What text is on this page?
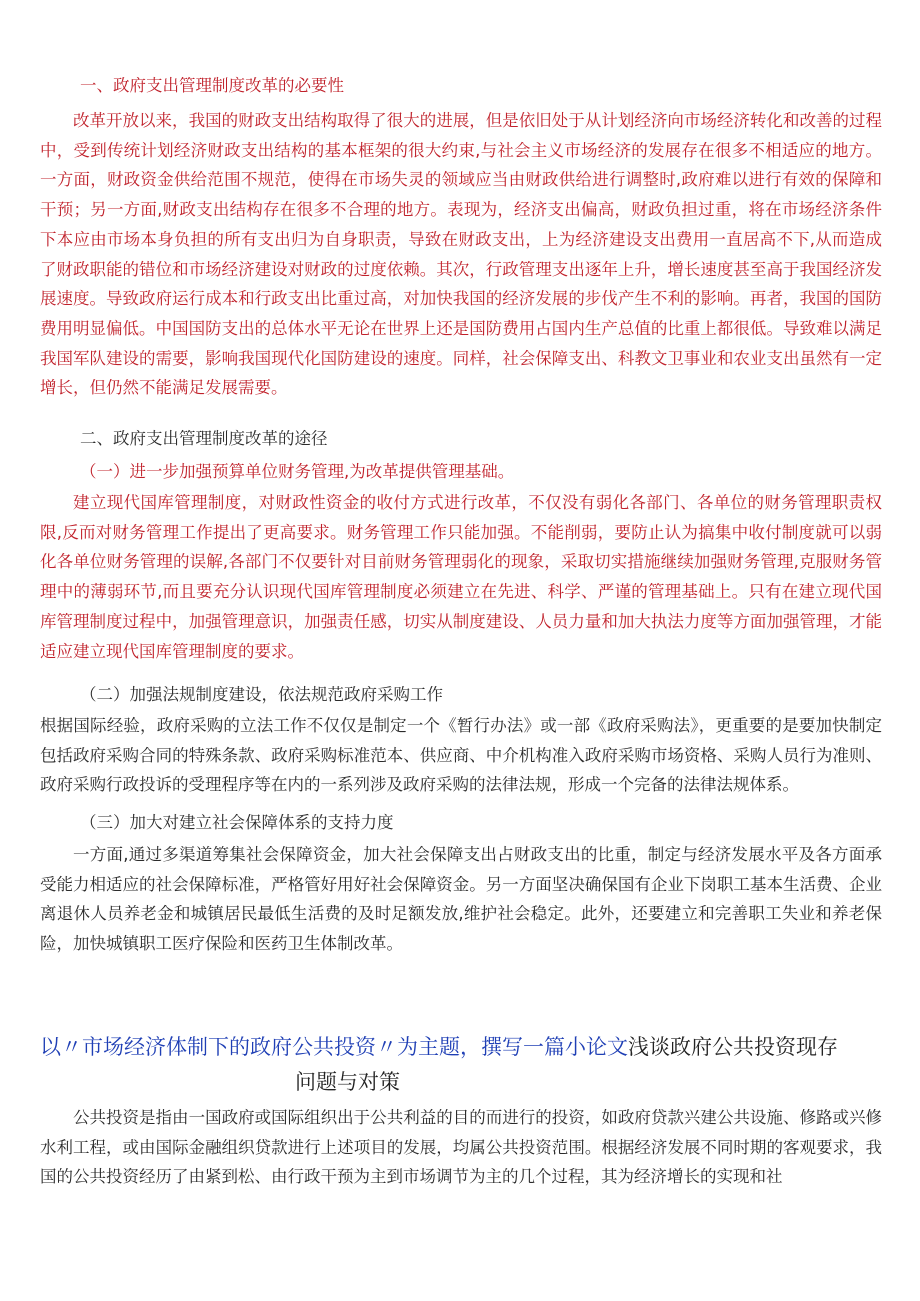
一、政府支出管理制度改革的必要性

改革开放以来，我国的财政支出结构取得了很大的进展，但是依旧处于从计划经济向市场经济转化和改善的过程中，受到传统计划经济财政支出结构的基本框架的很大约束,与社会主义市场经济的发展存在很多不相适应的地方。一方面，财政资金供给范围不规范，使得在市场失灵的领域应当由财政供给进行调整时,政府难以进行有效的保障和干预；另一方面,财政支出结构存在很多不合理的地方。表现为，经济支出偏高，财政负担过重，将在市场经济条件下本应由市场本身负担的所有支出归为自身职责，导致在财政支出，上为经济建设支出费用一直居高不下,从而造成了财政职能的错位和市场经济建设对财政的过度依赖。其次，行政管理支出逐年上升，增长速度甚至高于我国经济发展速度。导致政府运行成本和行政支出比重过高，对加快我国的经济发展的步伐产生不利的影响。再者，我国的国防费用明显偏低。中国国防支出的总体水平无论在世界上还是国防费用占国内生产总值的比重上都很低。导致难以满足我国军队建设的需要，影响我国现代化国防建设的速度。同样，社会保障支出、科教文卫事业和农业支出虽然有一定增长，但仍然不能满足发展需要。

二、政府支出管理制度改革的途径

（一）进一步加强预算单位财务管理,为改革提供管理基础。

建立现代国库管理制度，对财政性资金的收付方式进行改革，不仅没有弱化各部门、各单位的财务管理职责权限,反而对财务管理工作提出了更高要求。财务管理工作只能加强。不能削弱，要防止认为搞集中收付制度就可以弱化各单位财务管理的误解,各部门不仅要针对目前财务管理弱化的现象，采取切实措施继续加强财务管理,克服财务管理中的薄弱环节,而且要充分认识现代国库管理制度必须建立在先进、科学、严谨的管理基础上。只有在建立现代国库管理制度过程中，加强管理意识，加强责任感，切实从制度建设、人员力量和加大执法力度等方面加强管理，才能适应建立现代国库管理制度的要求。

（二）加强法规制度建设，依法规范政府采购工作

根据国际经验，政府采购的立法工作不仅仅是制定一个《暂行办法》或一部《政府采购法》，更重要的是要加快制定包括政府采购合同的特殊条款、政府采购标准范本、供应商、中介机构准入政府采购市场资格、采购人员行为准则、政府采购行政投诉的受理程序等在内的一系列涉及政府采购的法律法规，形成一个完备的法律法规体系。

（三）加大对建立社会保障体系的支持力度

一方面,通过多渠道筹集社会保障资金，加大社会保障支出占财政支出的比重，制定与经济发展水平及各方面承受能力相适应的社会保障标准，严格管好用好社会保障资金。另一方面坚决确保国有企业下岗职工基本生活费、企业离退休人员养老金和城镇居民最低生活费的及时足额发放,维护社会稳定。此外，还要建立和完善职工失业和养老保险，加快城镇职工医疗保险和医药卫生体制改革。

以〃市场经济体制下的政府公共投资〃为主题，撰写一篇小论文浅谈政府公共投资现存

问题与对策

公共投资是指由一国政府或国际组织出于公共利益的目的而进行的投资，如政府贷款兴建公共设施、修路或兴修水利工程，或由国际金融组织贷款进行上述项目的发展，均属公共投资范围。根据经济发展不同时期的客观要求，我国的公共投资经历了由紧到松、由行政干预为主到市场调节为主的几个过程，其为经济增长的实现和社
